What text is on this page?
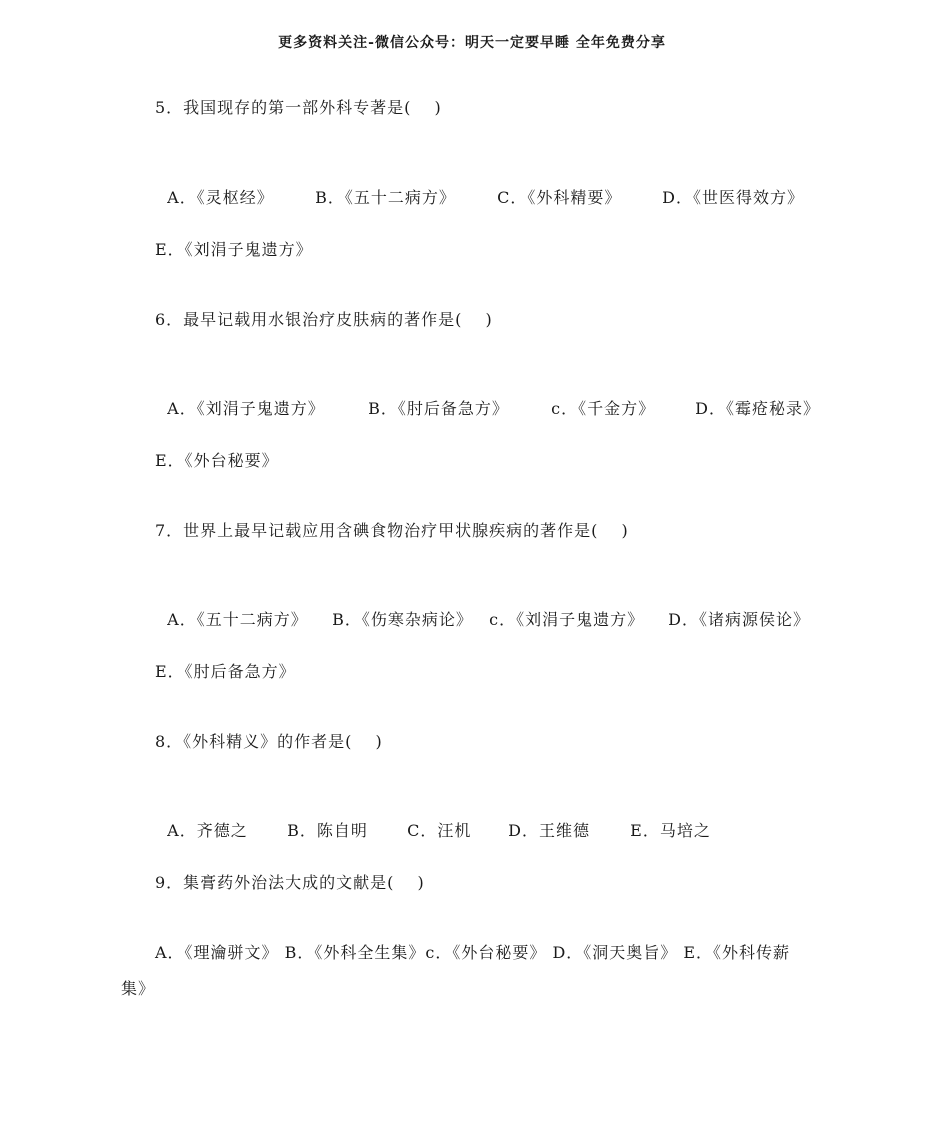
更多资料关注-微信公众号：明天一定要早睡 全年免费分享
5．我国现存的第一部外科专著是(　 )

A．《灵枢经》	B．《五十二病方》	C．《外科精要》	D．《世医得效方》

E．《刘涓子鬼遗方》
6．最早记载用水银治疗皮肤病的著作是(　 )

A．《刘涓子鬼遗方》	B．《肘后备急方》	c．《千金方》	D．《霉疮秘录》

E．《外台秘要》
7．世界上最早记载应用含碘食物治疗甲状腺疾病的著作是(　 )

A．《五十二病方》 B．《伤寒杂病论》 c．《刘涓子鬼遗方》 D．《诸病源侯论》

E．《肘后备急方》
8．《外科精义》的作者是(　 )

A．齐德之 B．陈自明 C．汪机 D．王维德	E．马培之

9．集膏药外治法大成的文献是(　 )
A．《理瀹骈文》 B．《外科全生集》c．《外台秘要》 D．《洞天奥旨》 E．《外科传薪
集》
